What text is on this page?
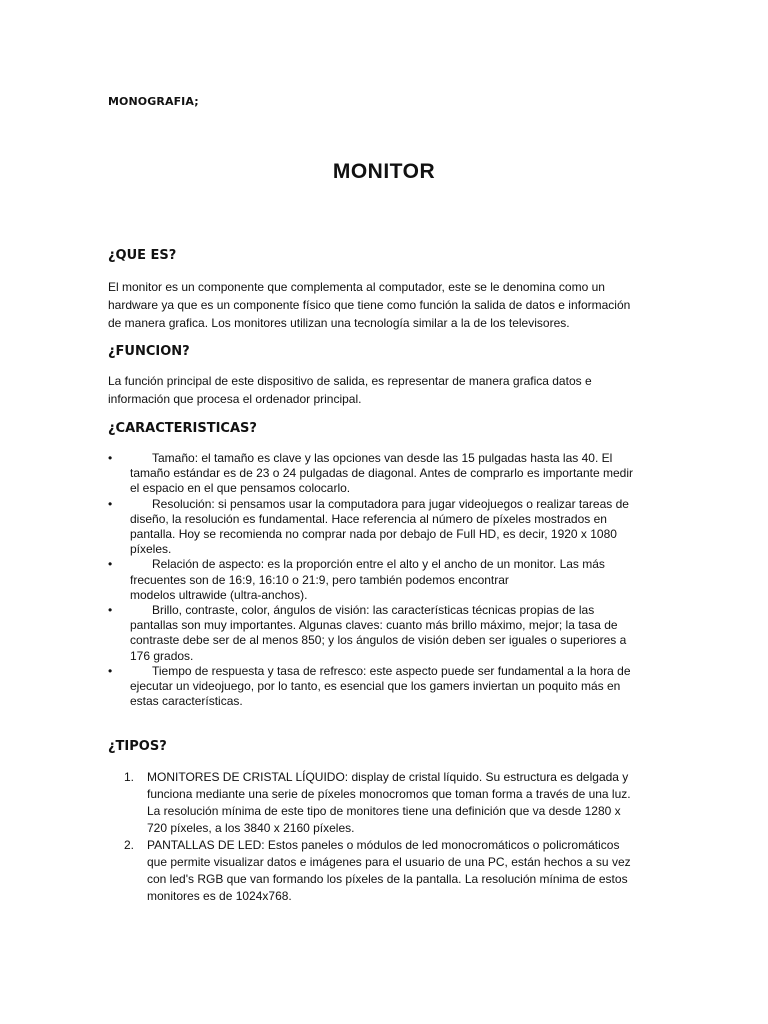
MONOGRAFIA;
MONITOR
¿QUE ES?
El monitor es un componente que complementa al computador, este se le denomina como un
hardware ya que es un componente físico que tiene como función la salida de datos e información
de manera grafica. Los monitores utilizan una tecnología similar a la de los televisores.
¿FUNCION?
La función principal de este dispositivo de salida, es representar de manera grafica datos e
información que procesa el ordenador principal.
¿CARACTERISTICAS?
•	Tamaño: el tamaño es clave y las opciones van desde las 15 pulgadas hasta las 40. El
tamaño estándar es de 23 o 24 pulgadas de diagonal. Antes de comprarlo es importante medir
el espacio en el que pensamos colocarlo.
•	Resolución: si pensamos usar la computadora para jugar videojuegos o realizar tareas de
diseño, la resolución es fundamental. Hace referencia al número de píxeles mostrados en
pantalla. Hoy se recomienda no comprar nada por debajo de Full HD, es decir, 1920 x 1080
píxeles.
•	Relación de aspecto: es la proporción entre el alto y el ancho de un monitor. Las más
frecuentes son de 16:9, 16:10 o 21:9, pero también podemos encontrar
modelos ultrawide (ultra-anchos).
•	Brillo, contraste, color, ángulos de visión: las características técnicas propias de las
pantallas son muy importantes. Algunas claves: cuanto más brillo máximo, mejor; la tasa de
contraste debe ser de al menos 850; y los ángulos de visión deben ser iguales o superiores a
176 grados.
•	Tiempo de respuesta y tasa de refresco: este aspecto puede ser fundamental a la hora de
ejecutar un videojuego, por lo tanto, es esencial que los gamers inviertan un poquito más en
estas características.
¿TIPOS?
1. MONITORES DE CRISTAL LÍQUIDO: display de cristal líquido. Su estructura es delgada y
funciona mediante una serie de píxeles monocromos que toman forma a través de una luz.
La resolución mínima de este tipo de monitores tiene una definición que va desde 1280 x
720 píxeles, a los 3840 x 2160 píxeles.
2. PANTALLAS DE LED: Estos paneles o módulos de led monocromáticos o policromáticos
que permite visualizar datos e imágenes para el usuario de una PC, están hechos a su vez
con led's RGB que van formando los píxeles de la pantalla. La resolución mínima de estos
monitores es de 1024x768.
